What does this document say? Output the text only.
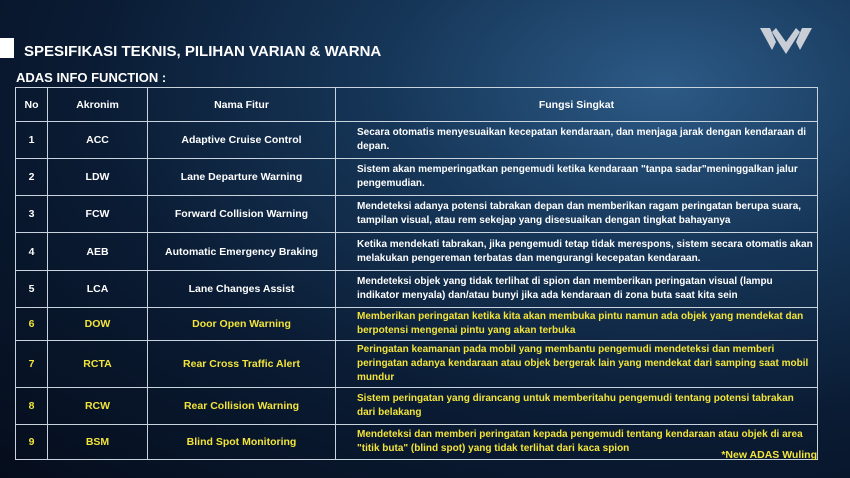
SPESIFIKASI TEKNIS, PILIHAN VARIAN & WARNA
ADAS INFO FUNCTION :
No	Akronim	Nama Fitur	Fungsi Singkat
1	ACC	Adaptive Cruise Control	Secara otomatis menyesuaikan kecepatan kendaraan, dan menjaga jarak dengan kendaraan di depan.
2	LDW	Lane Departure Warning	Sistem akan memperingatkan pengemudi ketika kendaraan "tanpa sadar"meninggalkan jalur pengemudian.
3	FCW	Forward Collision Warning	Mendeteksi adanya potensi tabrakan depan dan memberikan ragam peringatan berupa suara, tampilan visual, atau rem sekejap yang disesuaikan dengan tingkat bahayanya
4	AEB	Automatic Emergency Braking	Ketika mendekati tabrakan, jika pengemudi tetap tidak merespons, sistem secara otomatis akan melakukan pengereman terbatas dan mengurangi kecepatan kendaraan.
5	LCA	Lane Changes Assist	Mendeteksi objek yang tidak terlihat di spion dan memberikan peringatan visual (lampu indikator menyala) dan/atau bunyi jika ada kendaraan di zona buta saat kita sein
6	DOW	Door Open Warning	Memberikan peringatan ketika kita akan membuka pintu namun ada objek yang mendekat dan berpotensi mengenai pintu yang akan terbuka
7	RCTA	Rear Cross Traffic Alert	Peringatan keamanan pada mobil yang membantu pengemudi mendeteksi dan memberi peringatan adanya kendaraan atau objek bergerak lain yang mendekat dari samping saat mobil mundur
8	RCW	Rear Collision Warning	Sistem peringatan yang dirancang untuk memberitahu pengemudi tentang potensi tabrakan dari belakang
9	BSM	Blind Spot Monitoring	Mendeteksi dan memberi peringatan kepada pengemudi tentang kendaraan atau objek di area "titik buta" (blind spot) yang tidak terlihat dari kaca spion
*New ADAS Wuling
